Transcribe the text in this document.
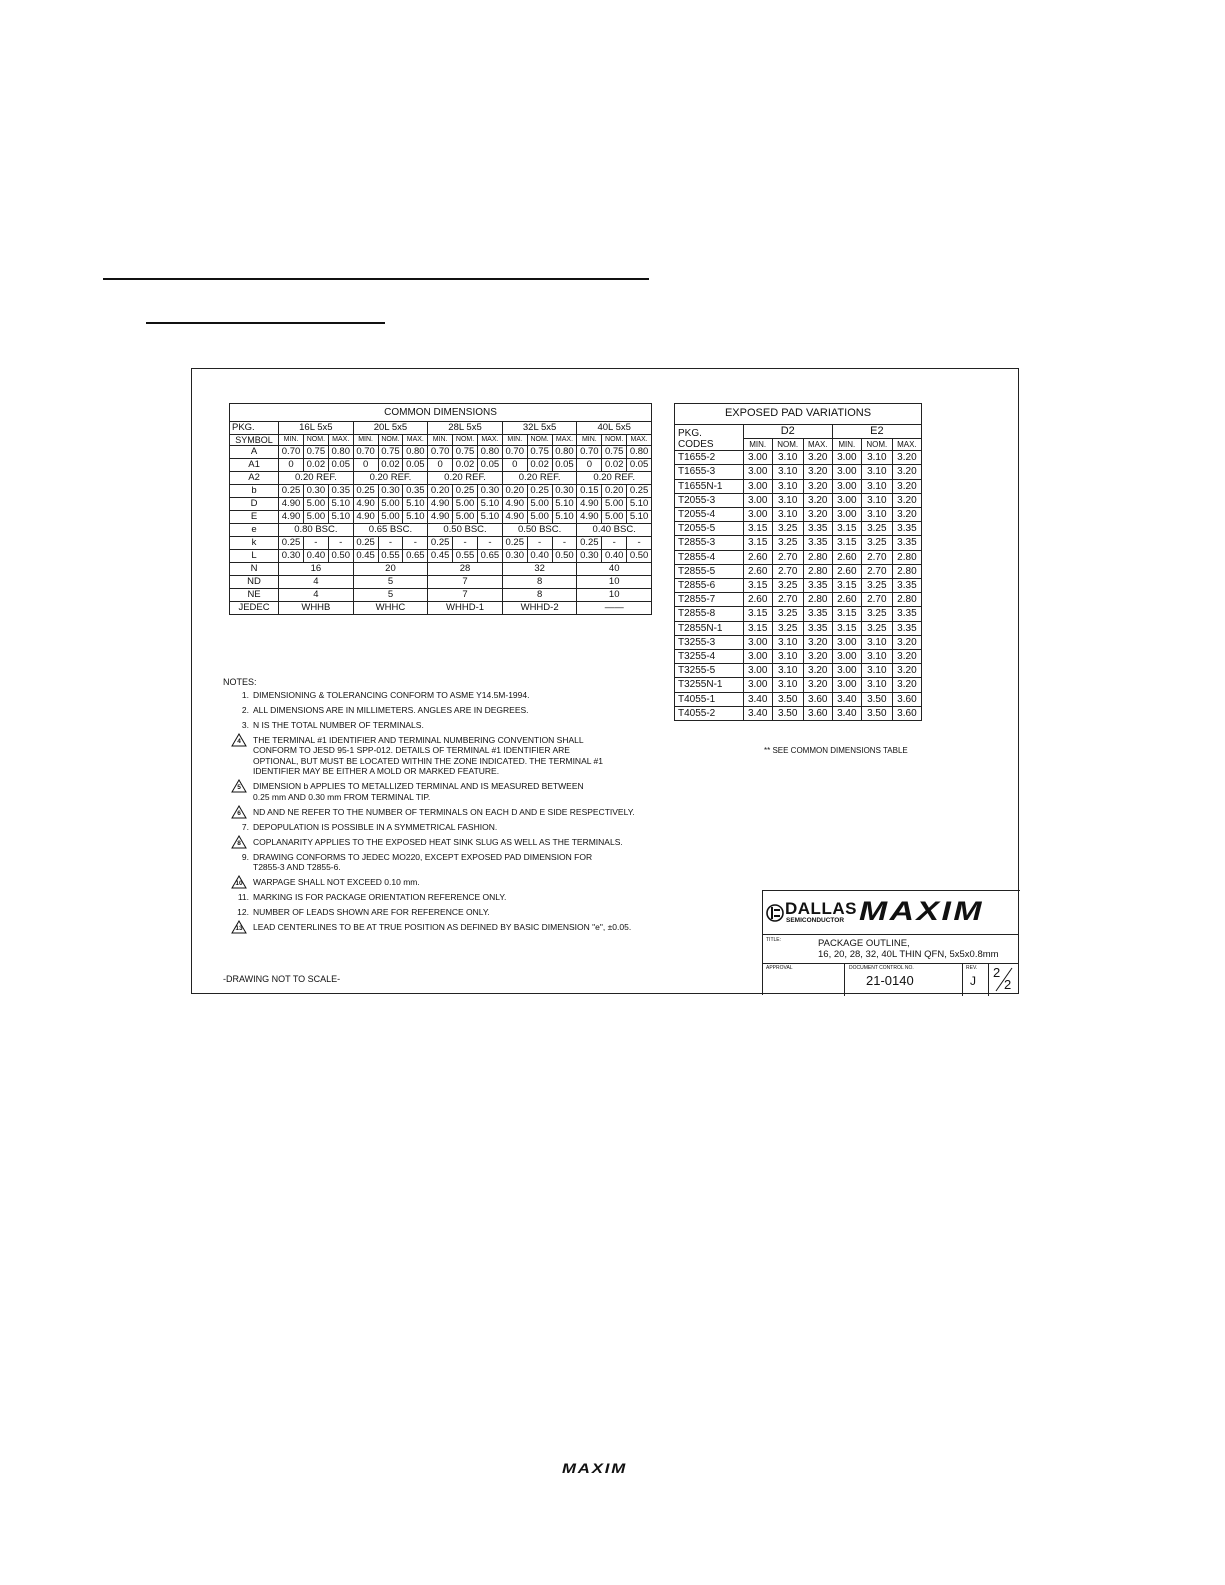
COMMON DIMENSIONS															
PKG.	16L 5x5			20L 5x5			28L 5x5			32L 5x5			40L 5x5		
SYMBOL	MIN.	NOM.	MAX.	MIN.	NOM.	MAX.	MIN.	NOM.	MAX.	MIN.	NOM.	MAX.	MIN.	NOM.	MAX.
A	0.70	0.75	0.80	0.70	0.75	0.80	0.70	0.75	0.80	0.70	0.75	0.80	0.70	0.75	0.80
A1	0	0.02	0.05	0	0.02	0.05	0	0.02	0.05	0	0.02	0.05	0	0.02	0.05
A2	0.20 REF.			0.20 REF.			0.20 REF.			0.20 REF.			0.20 REF.		
b	0.25	0.30	0.35	0.25	0.30	0.35	0.20	0.25	0.30	0.20	0.25	0.30	0.15	0.20	0.25
D	4.90	5.00	5.10	4.90	5.00	5.10	4.90	5.00	5.10	4.90	5.00	5.10	4.90	5.00	5.10
E	4.90	5.00	5.10	4.90	5.00	5.10	4.90	5.00	5.10	4.90	5.00	5.10	4.90	5.00	5.10
e	0.80 BSC.			0.65 BSC.			0.50 BSC.			0.50 BSC.			0.40 BSC.		
k	0.25	-	-	0.25	-	-	0.25	-	-	0.25	-	-	0.25	-	-
L	0.30	0.40	0.50	0.45	0.55	0.65	0.45	0.55	0.65	0.30	0.40	0.50	0.30	0.40	0.50
N	16			20			28			32			40		
ND	4			5			7			8			10		
NE	4			5			7			8			10		
JEDEC	WHHB			WHHC			WHHD-1			WHHD-2			——		
EXPOSED PAD VARIATIONS						
PKG.
CODES	D2			E2		
	MIN.	NOM.	MAX.	MIN.	NOM.	MAX.
T1655-2	3.00	3.10	3.20	3.00	3.10	3.20
T1655-3	3.00	3.10	3.20	3.00	3.10	3.20
T1655N-1	3.00	3.10	3.20	3.00	3.10	3.20
T2055-3	3.00	3.10	3.20	3.00	3.10	3.20
T2055-4	3.00	3.10	3.20	3.00	3.10	3.20
T2055-5	3.15	3.25	3.35	3.15	3.25	3.35
T2855-3	3.15	3.25	3.35	3.15	3.25	3.35
T2855-4	2.60	2.70	2.80	2.60	2.70	2.80
T2855-5	2.60	2.70	2.80	2.60	2.70	2.80
T2855-6	3.15	3.25	3.35	3.15	3.25	3.35
T2855-7	2.60	2.70	2.80	2.60	2.70	2.80
T2855-8	3.15	3.25	3.35	3.15	3.25	3.35
T2855N-1	3.15	3.25	3.35	3.15	3.25	3.35
T3255-3	3.00	3.10	3.20	3.00	3.10	3.20
T3255-4	3.00	3.10	3.20	3.00	3.10	3.20
T3255-5	3.00	3.10	3.20	3.00	3.10	3.20
T3255N-1	3.00	3.10	3.20	3.00	3.10	3.20
T4055-1	3.40	3.50	3.60	3.40	3.50	3.60
T4055-2	3.40	3.50	3.60	3.40	3.50	3.60
** SEE COMMON DIMENSIONS TABLE
NOTES:
1. DIMENSIONING & TOLERANCING CONFORM TO ASME Y14.5M-1994.
2. ALL DIMENSIONS ARE IN MILLIMETERS. ANGLES ARE IN DEGREES.
3. N IS THE TOTAL NUMBER OF TERMINALS.
4	THE TERMINAL #1 IDENTIFIER AND TERMINAL NUMBERING CONVENTION SHALL
CONFORM TO JESD 95-1 SPP-012. DETAILS OF TERMINAL #1 IDENTIFIER ARE
OPTIONAL, BUT MUST BE LOCATED WITHIN THE ZONE INDICATED. THE TERMINAL #1
IDENTIFIER MAY BE EITHER A MOLD OR MARKED FEATURE.
5	DIMENSION b APPLIES TO METALLIZED TERMINAL AND IS MEASURED BETWEEN
0.25 mm AND 0.30 mm FROM TERMINAL TIP.
6	ND AND NE REFER TO THE NUMBER OF TERMINALS ON EACH D AND E SIDE RESPECTIVELY.
7. DEPOPULATION IS POSSIBLE IN A SYMMETRICAL FASHION.
8	COPLANARITY APPLIES TO THE EXPOSED HEAT SINK SLUG AS WELL AS THE TERMINALS.
9. DRAWING CONFORMS TO JEDEC MO220, EXCEPT EXPOSED PAD DIMENSION FOR
T2855-3 AND T2855-6.
10	WARPAGE SHALL NOT EXCEED 0.10 mm.
11. MARKING IS FOR PACKAGE ORIENTATION REFERENCE ONLY.
12. NUMBER OF LEADS SHOWN ARE FOR REFERENCE ONLY.
13	LEAD CENTERLINES TO BE AT TRUE POSITION AS DEFINED BY BASIC DIMENSION "e", ±0.05.
-DRAWING NOT TO SCALE-
DALLAS
SEMICONDUCTOR MAXIM
TITLE:	PACKAGE OUTLINE,
16, 20, 28, 32, 40L THIN QFN, 5x5x0.8mm
APPROVAL	DOCUMENT CONTROL NO.
21-0140
REV.
J
2
2
MAXIM
